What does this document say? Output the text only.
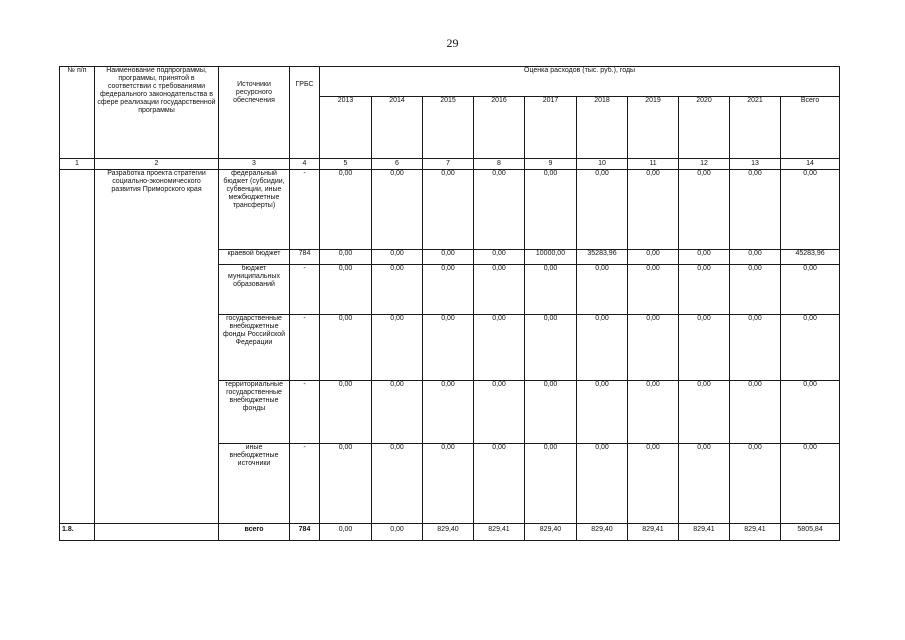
29
№ п/п	Наименование подпрограммы, программы, принятой в соответствии с требованиями федерального законодательства в сфере реализации государственной программы	Источники ресурсного обеспечения	ГРБС	Оценка расходов (тыс. руб.), годы									
				2013	2014	2015	2016	2017	2018	2019	2020	2021	Всего
1	2	3	4	5	6	7	8	9	10	11	12	13	14
	Разработка проекта стратегии социально-экономического развития Приморского края	федеральный бюджет (субсидии, субвенции, иные межбюджетные трансферты)	-	0,00	0,00	0,00	0,00	0,00	0,00	0,00	0,00	0,00	0,00
		краевой бюджет	784	0,00	0,00	0,00	0,00	10000,00	35283,96	0,00	0,00	0,00	45283,96
		бюджет муниципальных образований	-	0,00	0,00	0,00	0,00	0,00	0,00	0,00	0,00	0,00	0,00
		государственные внебюджетные фонды Российской Федерации	-	0,00	0,00	0,00	0,00	0,00	0,00	0,00	0,00	0,00	0,00
		территориальные государственные внебюджетные фонды	-	0,00	0,00	0,00	0,00	0,00	0,00	0,00	0,00	0,00	0,00
		иные внебюджетные источники	-	0,00	0,00	0,00	0,00	0,00	0,00	0,00	0,00	0,00	0,00
1.8.		всего	784	0,00	0,00	829,40	829,41	829,40	829,40	829,41	829,41	829,41	5805,84
